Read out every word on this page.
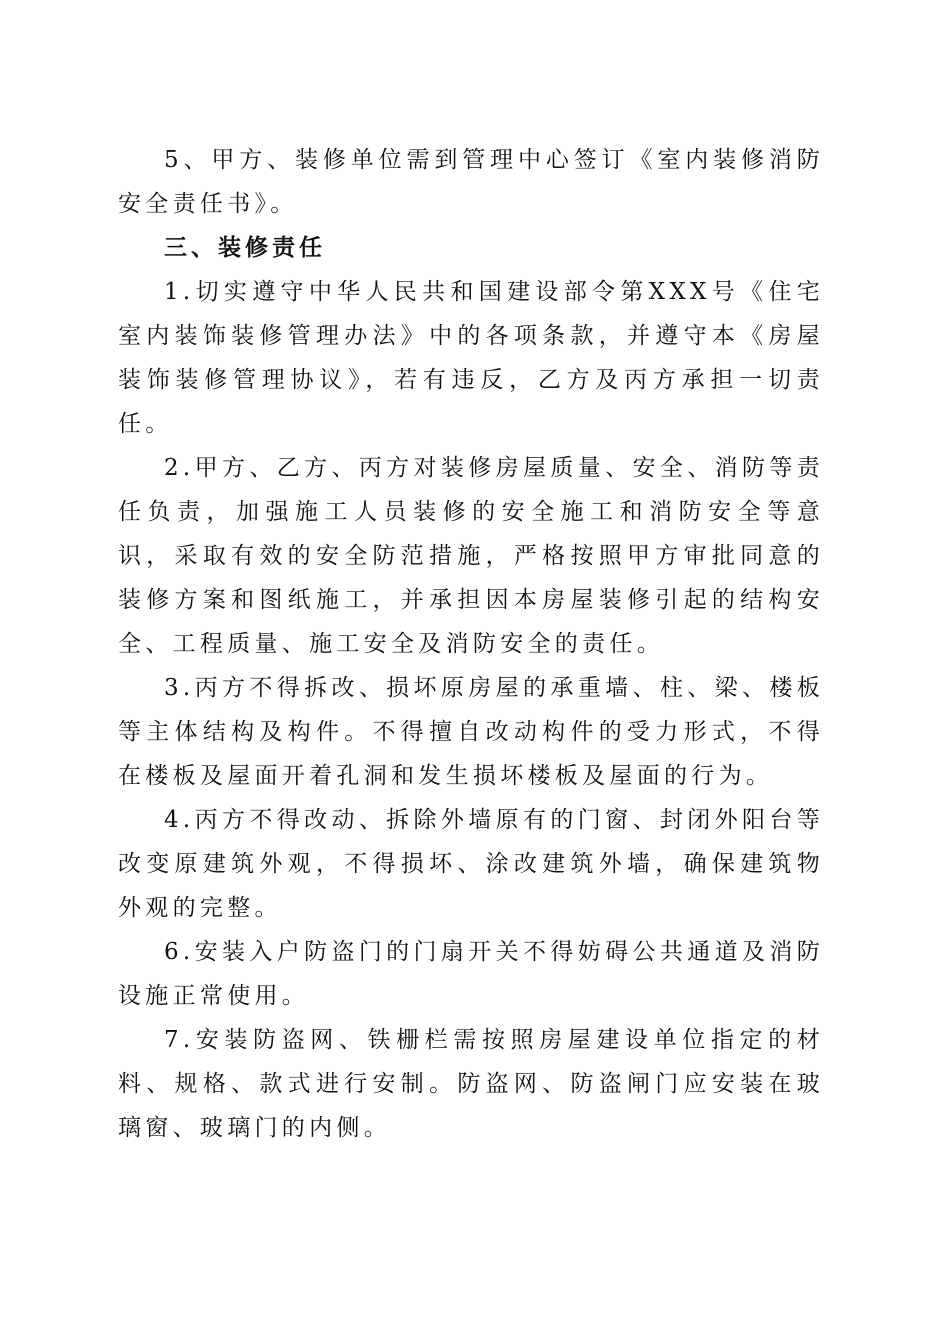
5、甲方、装修单位需到管理中心签订《室内装修消防安全责任书》。

三、装修责任

1.切实遵守中华人民共和国建设部令第XXX号《住宅室内装饰装修管理办法》中的各项条款，并遵守本《房屋装饰装修管理协议》，若有违反，乙方及丙方承担一切责任。

2.甲方、乙方、丙方对装修房屋质量、安全、消防等责任负责，加强施工人员装修的安全施工和消防安全等意识，采取有效的安全防范措施，严格按照甲方审批同意的装修方案和图纸施工，并承担因本房屋装修引起的结构安全、工程质量、施工安全及消防安全的责任。

3.丙方不得拆改、损坏原房屋的承重墙、柱、梁、楼板等主体结构及构件。不得擅自改动构件的受力形式，不得在楼板及屋面开着孔洞和发生损坏楼板及屋面的行为。

4.丙方不得改动、拆除外墙原有的门窗、封闭外阳台等改变原建筑外观，不得损坏、涂改建筑外墙，确保建筑物外观的完整。

6.安装入户防盗门的门扇开关不得妨碍公共通道及消防设施正常使用。

7.安装防盗网、铁栅栏需按照房屋建设单位指定的材料、规格、款式进行安制。防盗网、防盗闸门应安装在玻璃窗、玻璃门的内侧。
